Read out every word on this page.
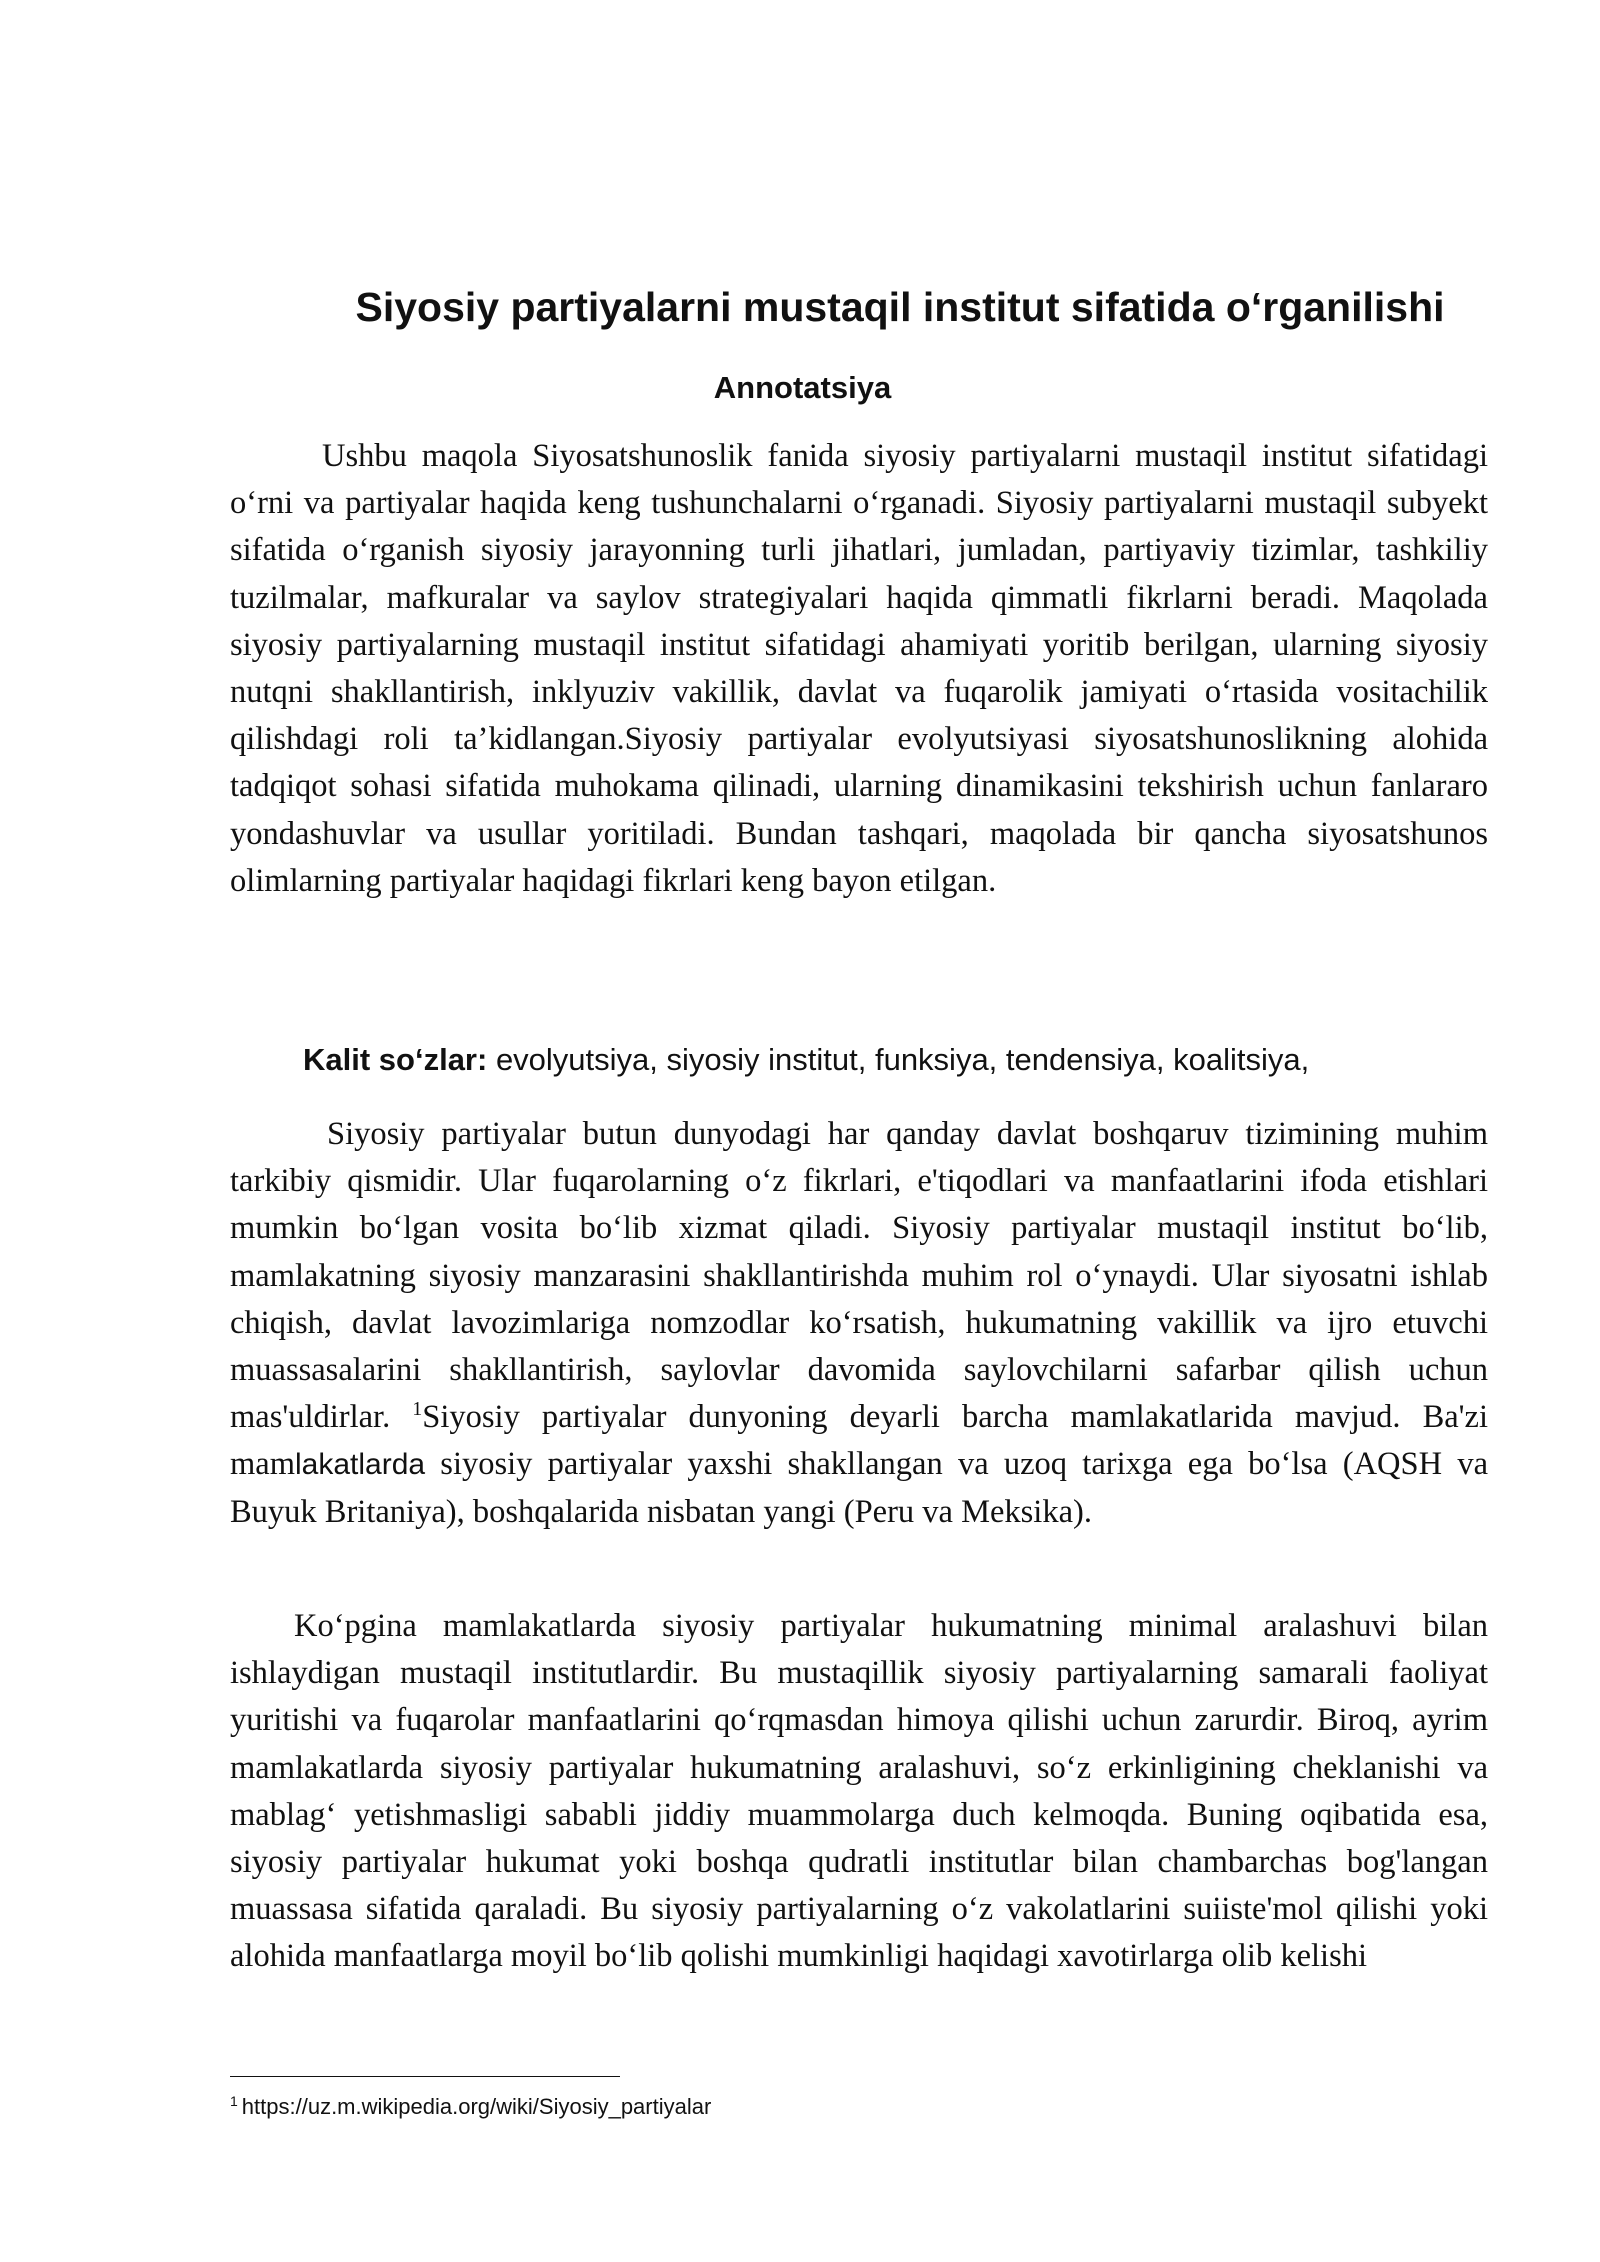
Siyosiy partiyalarni mustaqil institut sifatida o‘rganilishi
Annotatsiya

Ushbu maqola Siyosatshunoslik fanida siyosiy partiyalarni mustaqil institut sifatidagi o‘rni va partiyalar haqida keng tushunchalarni o‘rganadi. Siyosiy partiyalarni mustaqil subyekt sifatida o‘rganish siyosiy jarayonning turli jihatlari, jumladan, partiyaviy tizimlar, tashkiliy tuzilmalar, mafkuralar va saylov strategiyalari haqida qimmatli fikrlarni beradi. Maqolada siyosiy partiyalarning mustaqil institut sifatidagi ahamiyati yoritib berilgan, ularning siyosiy nutqni shakllantirish, inklyuziv vakillik, davlat va fuqarolik jamiyati o‘rtasida vositachilik qilishdagi roli ta’kidlangan.Siyosiy partiyalar evolyutsiyasi siyosatshunoslikning alohida tadqiqot sohasi sifatida muhokama qilinadi, ularning dinamikasini tekshirish uchun fanlararo yondashuvlar va usullar yoritiladi. Bundan tashqari, maqolada bir qancha siyosatshunos olimlarning partiyalar haqidagi fikrlari keng bayon etilgan.

Kalit so‘zlar: evolyutsiya, siyosiy institut, funksiya, tendensiya, koalitsiya,

Siyosiy partiyalar butun dunyodagi har qanday davlat boshqaruv tizimining muhim tarkibiy qismidir. Ular fuqarolarning o‘z fikrlari, e'tiqodlari va manfaatlarini ifoda etishlari mumkin bo‘lgan vosita bo‘lib xizmat qiladi. Siyosiy partiyalar mustaqil institut bo‘lib, mamlakatning siyosiy manzarasini shakllantirishda muhim rol o‘ynaydi. Ular siyosatni ishlab chiqish, davlat lavozimlariga nomzodlar ko‘rsatish, hukumatning vakillik va ijro etuvchi muassasalarini shakllantirish, saylovlar davomida saylovchilarni safarbar qilish uchun mas'uldirlar. $^1$Siyosiy partiyalar dunyoning deyarli barcha mamlakatlarida mavjud. Ba'zi mamlakatlarda siyosiy partiyalar yaxshi shakllangan va uzoq tarixga ega bo‘lsa (AQSH va Buyuk Britaniya), boshqalarida nisbatan yangi (Peru va Meksika).

Ko‘pgina mamlakatlarda siyosiy partiyalar hukumatning minimal aralashuvi bilan ishlaydigan mustaqil institutlardir. Bu mustaqillik siyosiy partiyalarning samarali faoliyat yuritishi va fuqarolar manfaatlarini qo‘rqmasdan himoya qilishi uchun zarurdir. Biroq, ayrim mamlakatlarda siyosiy partiyalar hukumatning aralashuvi, so‘z erkinligining cheklanishi va mablag‘ yetishmasligi sababli jiddiy muammolarga duch kelmoqda. Buning oqibatida esa, siyosiy partiyalar hukumat yoki boshqa qudratli institutlar bilan chambarchas bog'langan muassasa sifatida qaraladi. Bu siyosiy partiyalarning o‘z vakolatlarini suiiste'mol qilishi yoki alohida manfaatlarga moyil bo‘lib qolishi mumkinligi haqidagi xavotirlarga olib kelishi

$^1$ https://uz.m.wikipedia.org/wiki/Siyosiy_partiyalar
